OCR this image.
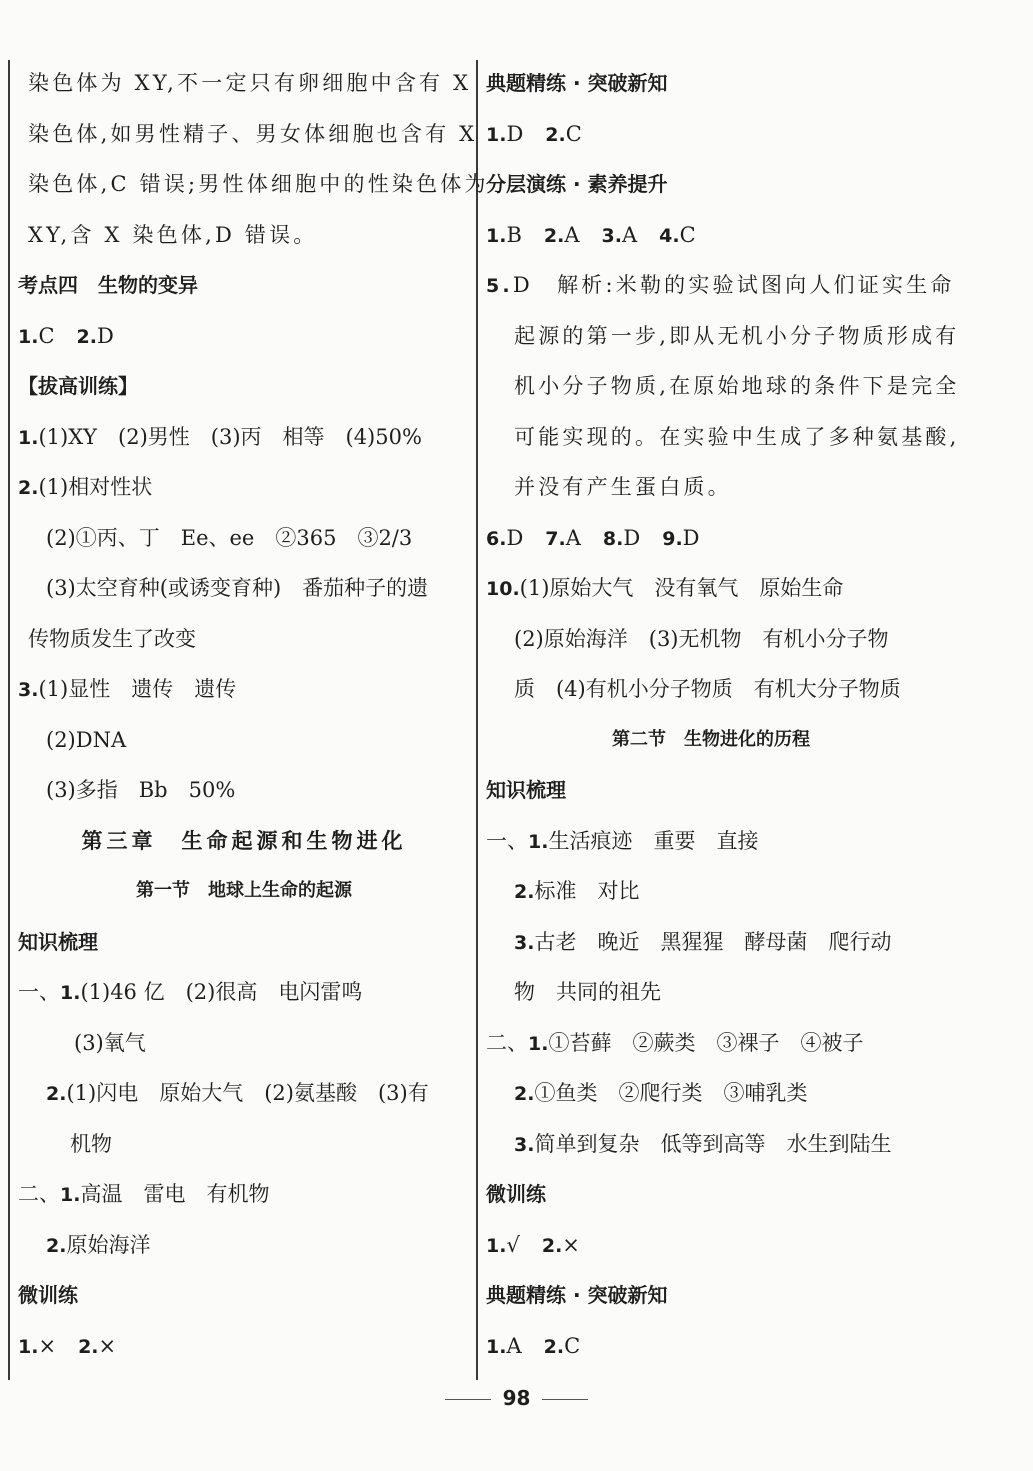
染色体为 XY,不一定只有卵细胞中含有 X
染色体,如男性精子、男女体细胞也含有 X
染色体,C 错误;男性体细胞中的性染色体为
XY,含 X 染色体,D 错误。
考点四　生物的变异
1.C 2.D
【拔高训练】
1.(1)XY　(2)男性　(3)丙　相等　(4)50%
2.(1)相对性状
(2)①丙、丁　Ee、ee　②365　③2/3
(3)太空育种(或诱变育种)　番茄种子的遗
传物质发生了改变
3.(1)显性　遗传　遗传
(2)DNA
(3)多指　Bb　50%
第三章　生命起源和生物进化
第一节　地球上生命的起源
知识梳理
一、1.(1)46 亿　(2)很高　电闪雷鸣
(3)氧气
2.(1)闪电　原始大气　(2)氨基酸　(3)有
机物
二、1.高温　雷电　有机物
2.原始海洋
微训练
1.× 2.×
典题精练 · 突破新知
1.D 2.C
分层演练 · 素养提升
1.B 2.A 3.A 4.C
5.D　解析:米勒的实验试图向人们证实生命
起源的第一步,即从无机小分子物质形成有
机小分子物质,在原始地球的条件下是完全
可能实现的。在实验中生成了多种氨基酸,
并没有产生蛋白质。
6.D 7.A 8.D 9.D
10.(1)原始大气　没有氧气　原始生命
(2)原始海洋　(3)无机物　有机小分子物
质　(4)有机小分子物质　有机大分子物质
第二节　生物进化的历程
知识梳理
一、1.生活痕迹　重要　直接
2.标准　对比
3.古老　晚近　黑猩猩　酵母菌　爬行动
物　共同的祖先
二、1.①苔藓　②蕨类　③裸子　④被子
2.①鱼类　②爬行类　③哺乳类
3.简单到复杂　低等到高等　水生到陆生
微训练
1.√ 2.×
典题精练 · 突破新知
1.A 2.C
98
